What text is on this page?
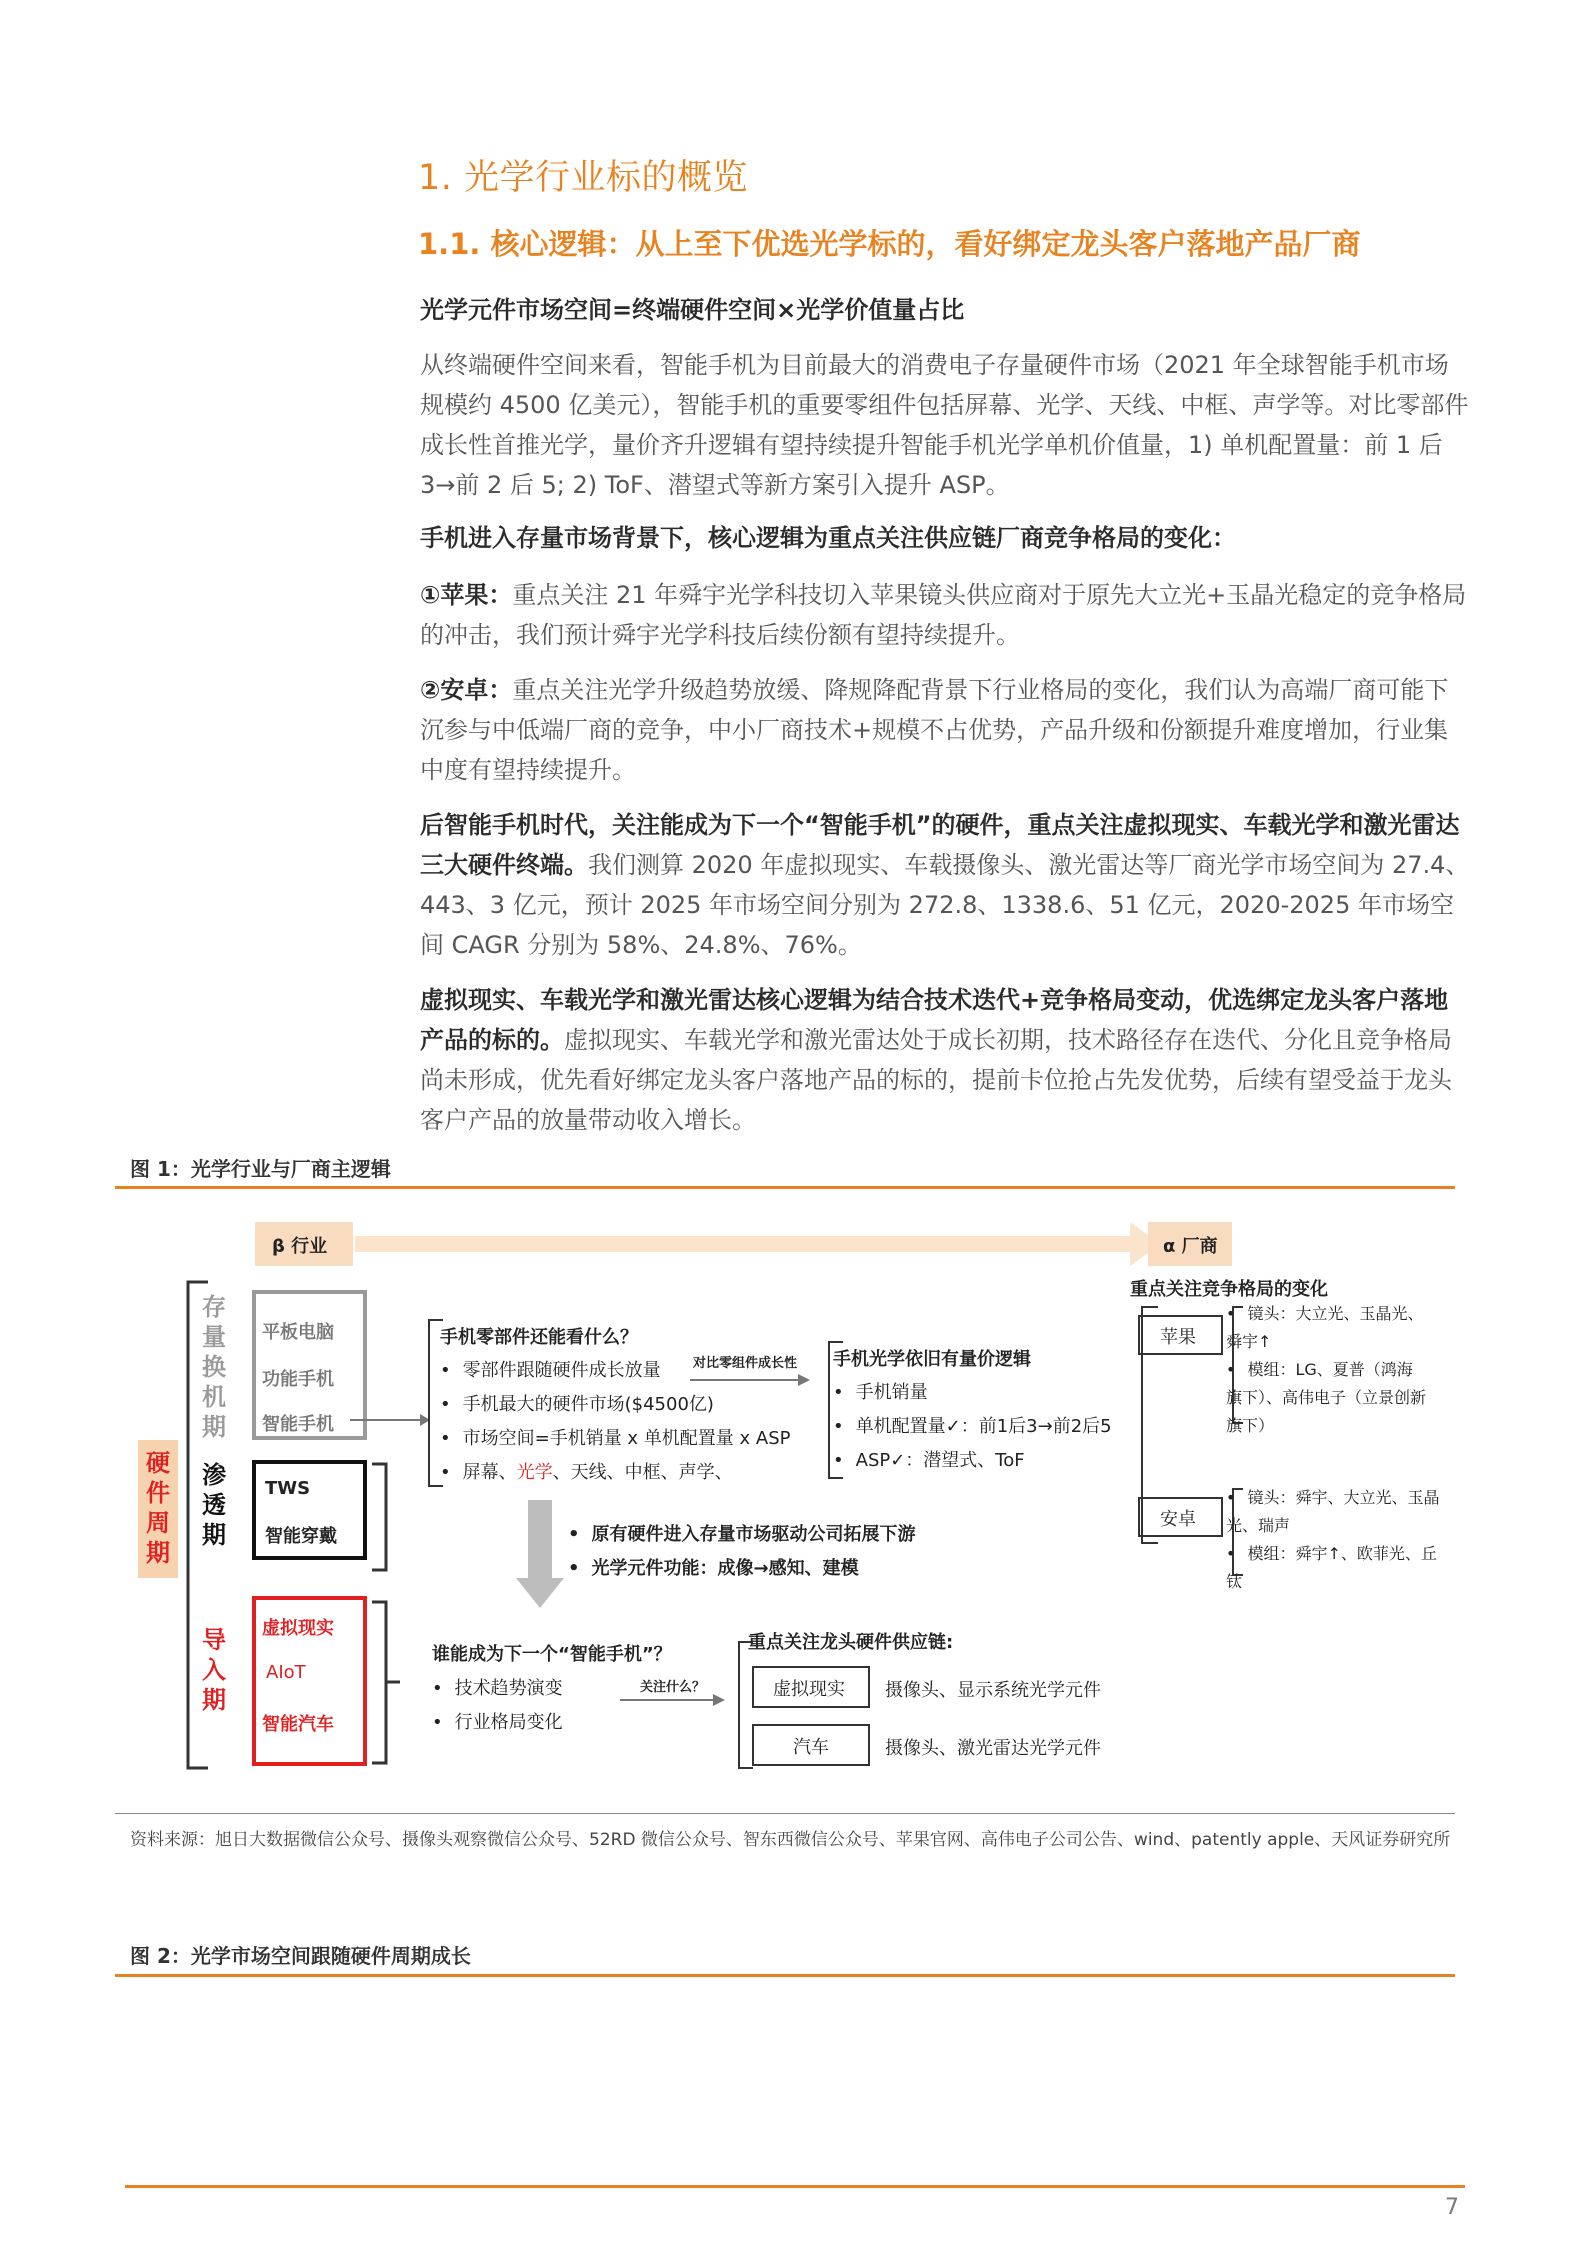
1. 光学行业标的概览
1.1. 核心逻辑：从上至下优选光学标的，看好绑定龙头客户落地产品厂商
光学元件市场空间=终端硬件空间×光学价值量占比
从终端硬件空间来看，智能手机为目前最大的消费电子存量硬件市场（2021 年全球智能手机市场规模约 4500 亿美元），智能手机的重要零组件包括屏幕、光学、天线、中框、声学等。对比零部件成长性首推光学，量价齐升逻辑有望持续提升智能手机光学单机价值量，1) 单机配置量：前 1 后 3→前 2 后 5; 2) ToF、潜望式等新方案引入提升 ASP。
手机进入存量市场背景下，核心逻辑为重点关注供应链厂商竞争格局的变化：
①苹果：重点关注 21 年舜宇光学科技切入苹果镜头供应商对于原先大立光+玉晶光稳定的竞争格局的冲击，我们预计舜宇光学科技后续份额有望持续提升。
②安卓：重点关注光学升级趋势放缓、降规降配背景下行业格局的变化，我们认为高端厂商可能下沉参与中低端厂商的竞争，中小厂商技术+规模不占优势，产品升级和份额提升难度增加，行业集中度有望持续提升。
后智能手机时代，关注能成为下一个“智能手机”的硬件，重点关注虚拟现实、车载光学和激光雷达三大硬件终端。我们测算 2020 年虚拟现实、车载摄像头、激光雷达等厂商光学市场空间为 27.4、443、3 亿元，预计 2025 年市场空间分别为 272.8、1338.6、51 亿元，2020-2025 年市场空间 CAGR 分别为 58%、24.8%、76%。
虚拟现实、车载光学和激光雷达核心逻辑为结合技术迭代+竞争格局变动，优选绑定龙头客户落地产品的标的。虚拟现实、车载光学和激光雷达处于成长初期，技术路径存在迭代、分化且竞争格局尚未形成，优先看好绑定龙头客户落地产品的标的，提前卡位抢占先发优势，后续有望受益于龙头客户产品的放量带动收入增长。
图 1：光学行业与厂商主逻辑
β 行业	α 厂商
硬件周期
存量换机期
渗透期
导入期
平板电脑
功能手机
智能手机
TWS
智能穿戴
虚拟现实
AIoT
智能汽车
手机零部件还能看什么？
• 零部件跟随硬件成长放量
• 手机最大的硬件市场($4500亿)
• 市场空间=手机销量 x 单机配置量 x ASP
• 屏幕、光学、天线、中框、声学、
对比零组件成长性 手机光学依旧有量价逻辑
• 手机销量
• 单机配置量✓：前1后3→前2后5
• ASP✓：潜望式、ToF
• 原有硬件进入存量市场驱动公司拓展下游
• 光学元件功能：成像→感知、建模
谁能成为下一个“智能手机”？
• 技术趋势演变
• 行业格局变化
关注什么？
重点关注龙头硬件供应链:
虚拟现实 摄像头、显示系统光学元件
汽车	摄像头、激光雷达光学元件
重点关注竞争格局的变化
苹果
• 镜头：大立光、玉晶光、舜宇↑
• 模组：LG、夏普（鸿海旗下）、高伟电子（立景创新旗下）
安卓
• 镜头：舜宇、大立光、玉晶光、瑞声
• 模组：舜宇↑、欧菲光、丘钛
资料来源：旭日大数据微信公众号、摄像头观察微信公众号、52RD 微信公众号、智东西微信公众号、苹果官网、高伟电子公司公告、wind、patently apple、天风证券研究所
图 2：光学市场空间跟随硬件周期成长
7
